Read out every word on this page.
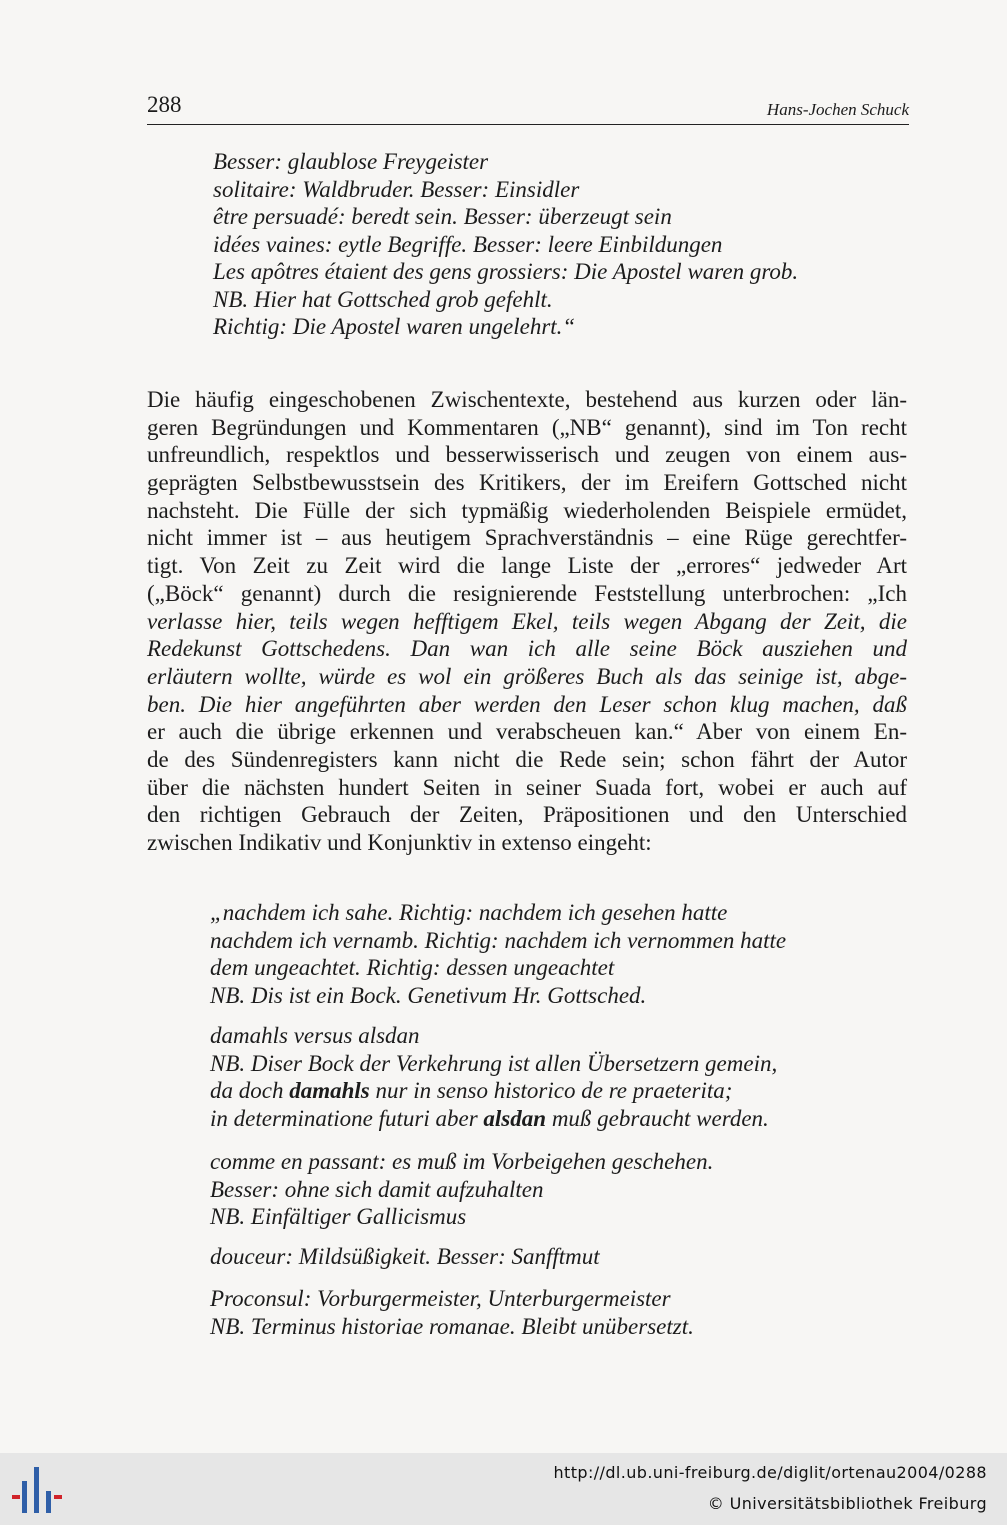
288	Hans-Jochen Schuck
Besser: glaublose Freygeister
solitaire: Waldbruder. Besser: Einsidler
être persuadé: beredt sein. Besser: überzeugt sein
idées vaines: eytle Begriffe. Besser: leere Einbildungen
Les apôtres étaient des gens grossiers: Die Apostel waren grob.
NB. Hier hat Gottsched grob gefehlt.
Richtig: Die Apostel waren ungelehrt.“
Die häufig eingeschobenen Zwischentexte, bestehend aus kurzen oder län-
geren Begründungen und Kommentaren („NB“ genannt), sind im Ton recht
unfreundlich, respektlos und besserwisserisch und zeugen von einem aus-
geprägten Selbstbewusstsein des Kritikers, der im Ereifern Gottsched nicht
nachsteht. Die Fülle der sich typmäßig wiederholenden Beispiele ermüdet,
nicht immer ist – aus heutigem Sprachverständnis – eine Rüge gerechtfer-
tigt. Von Zeit zu Zeit wird die lange Liste der „errores“ jedweder Art
(„Böck“ genannt) durch die resignierende Feststellung unterbrochen: „Ich
verlasse hier, teils wegen hefftigem Ekel, teils wegen Abgang der Zeit, die
Redekunst Gottschedens. Dan wan ich alle seine Böck ausziehen und
erläutern wollte, würde es wol ein größeres Buch als das seinige ist, abge-
ben. Die hier angeführten aber werden den Leser schon klug machen, daß
er auch die übrige erkennen und verabscheuen kan.“ Aber von einem En-
de des Sündenregisters kann nicht die Rede sein; schon fährt der Autor
über die nächsten hundert Seiten in seiner Suada fort, wobei er auch auf
den richtigen Gebrauch der Zeiten, Präpositionen und den Unterschied
zwischen Indikativ und Konjunktiv in extenso eingeht:
„nachdem ich sahe. Richtig: nachdem ich gesehen hatte
nachdem ich vernamb. Richtig: nachdem ich vernommen hatte
dem ungeachtet. Richtig: dessen ungeachtet
NB. Dis ist ein Bock. Genetivum Hr. Gottsched.
damahls versus alsdan
NB. Diser Bock der Verkehrung ist allen Übersetzern gemein,
da doch damahls nur in senso historico de re praeterita;
in determinatione futuri aber alsdan muß gebraucht werden.
comme en passant: es muß im Vorbeigehen geschehen.
Besser: ohne sich damit aufzuhalten
NB. Einfältiger Gallicismus
douceur: Mildsüßigkeit. Besser: Sanfftmut
Proconsul: Vorburgermeister, Unterburgermeister
NB. Terminus historiae romanae. Bleibt unübersetzt.
http://dl.ub.uni-freiburg.de/diglit/ortenau2004/0288
© Universitätsbibliothek Freiburg
